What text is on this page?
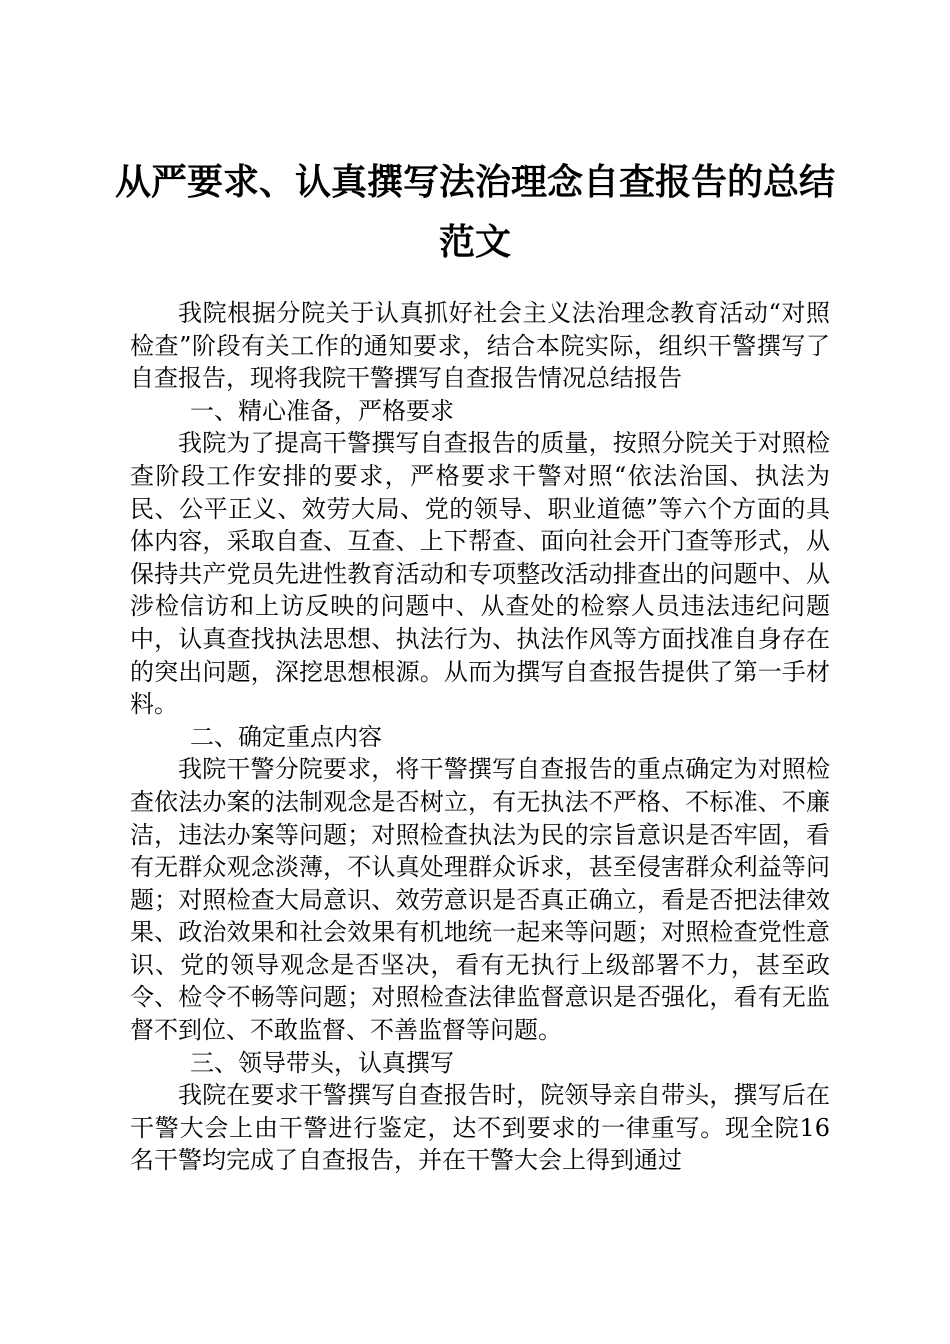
从严要求、认真撰写法治理念自查报告的总结
范文

我院根据分院关于认真抓好社会主义法治理念教育活动“对照检查”阶段有关工作的通知要求，结合本院实际，组织干警撰写了自查报告，现将我院干警撰写自查报告情况总结报告

一、精心准备，严格要求

我院为了提高干警撰写自查报告的质量，按照分院关于对照检查阶段工作安排的要求，严格要求干警对照“依法治国、执法为民、公平正义、效劳大局、党的领导、职业道德”等六个方面的具体内容，采取自查、互查、上下帮查、面向社会开门查等形式，从保持共产党员先进性教育活动和专项整改活动排查出的问题中、从涉检信访和上访反映的问题中、从查处的检察人员违法违纪问题中，认真查找执法思想、执法行为、执法作风等方面找准自身存在的突出问题，深挖思想根源。从而为撰写自查报告提供了第一手材料。

二、确定重点内容

我院干警分院要求，将干警撰写自查报告的重点确定为对照检查依法办案的法制观念是否树立，有无执法不严格、不标准、不廉洁，违法办案等问题；对照检查执法为民的宗旨意识是否牢固，看有无群众观念淡薄，不认真处理群众诉求，甚至侵害群众利益等问题；对照检查大局意识、效劳意识是否真正确立，看是否把法律效果、政治效果和社会效果有机地统一起来等问题；对照检查党性意识、党的领导观念是否坚决，看有无执行上级部署不力，甚至政令、检令不畅等问题；对照检查法律监督意识是否强化，看有无监督不到位、不敢监督、不善监督等问题。

三、领导带头，认真撰写

我院在要求干警撰写自查报告时，院领导亲自带头，撰写后在干警大会上由干警进行鉴定，达不到要求的一律重写。现全院16名干警均完成了自查报告，并在干警大会上得到通过
